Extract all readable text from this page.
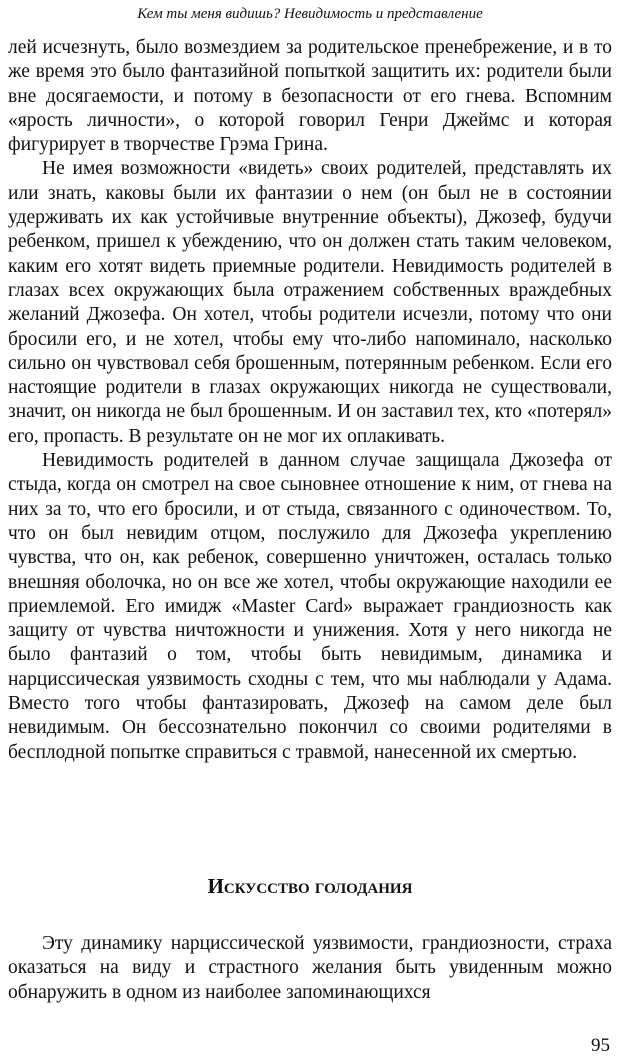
Кем ты меня видишь? Невидимость и представление

лей исчезнуть, было возмездием за родительское пренебрежение, и в то же время это было фантазийной попыткой защитить их: родители были вне досягаемости, и потому в безопасности от его гнева. Вспомним «ярость личности», о которой говорил Генри Джеймс и которая фигурирует в творчестве Грэма Грина.

Не имея возможности «видеть» своих родителей, представлять их или знать, каковы были их фантазии о нем (он был не в состоянии удерживать их как устойчивые внутренние объекты), Джозеф, будучи ребенком, пришел к убеждению, что он должен стать таким человеком, каким его хотят видеть приемные родители. Невидимость родителей в глазах всех окружающих была отражением собственных враждебных желаний Джозефа. Он хотел, чтобы родители исчезли, потому что они бросили его, и не хотел, чтобы ему что-либо напоминало, насколько сильно он чувствовал себя брошенным, потерянным ребенком. Если его настоящие родители в глазах окружающих никогда не существовали, значит, он никогда не был брошенным. И он заставил тех, кто «потерял» его, пропасть. В результате он не мог их оплакивать.

Невидимость родителей в данном случае защищала Джозефа от стыда, когда он смотрел на свое сыновнее отношение к ним, от гнева на них за то, что его бросили, и от стыда, связанного с одиночеством. То, что он был невидим отцом, послужило для Джозефа укреплению чувства, что он, как ребенок, совершенно уничтожен, осталась только внешняя оболочка, но он все же хотел, чтобы окружающие находили ее приемлемой. Его имидж «Master Card» выражает грандиозность как защиту от чувства ничтожности и унижения. Хотя у него никогда не было фантазий о том, чтобы быть невидимым, динамика и нарциссическая уязвимость сходны с тем, что мы наблюдали у Адама. Вместо того чтобы фантазировать, Джозеф на самом деле был невидимым. Он бессознательно покончил со своими родителями в бесплодной попытке справиться с травмой, нанесенной их смертью.

Искусство голодания

Эту динамику нарциссической уязвимости, грандиозности, страха оказаться на виду и страстного желания быть увиденным можно обнаружить в одном из наиболее запоминающихся

95
